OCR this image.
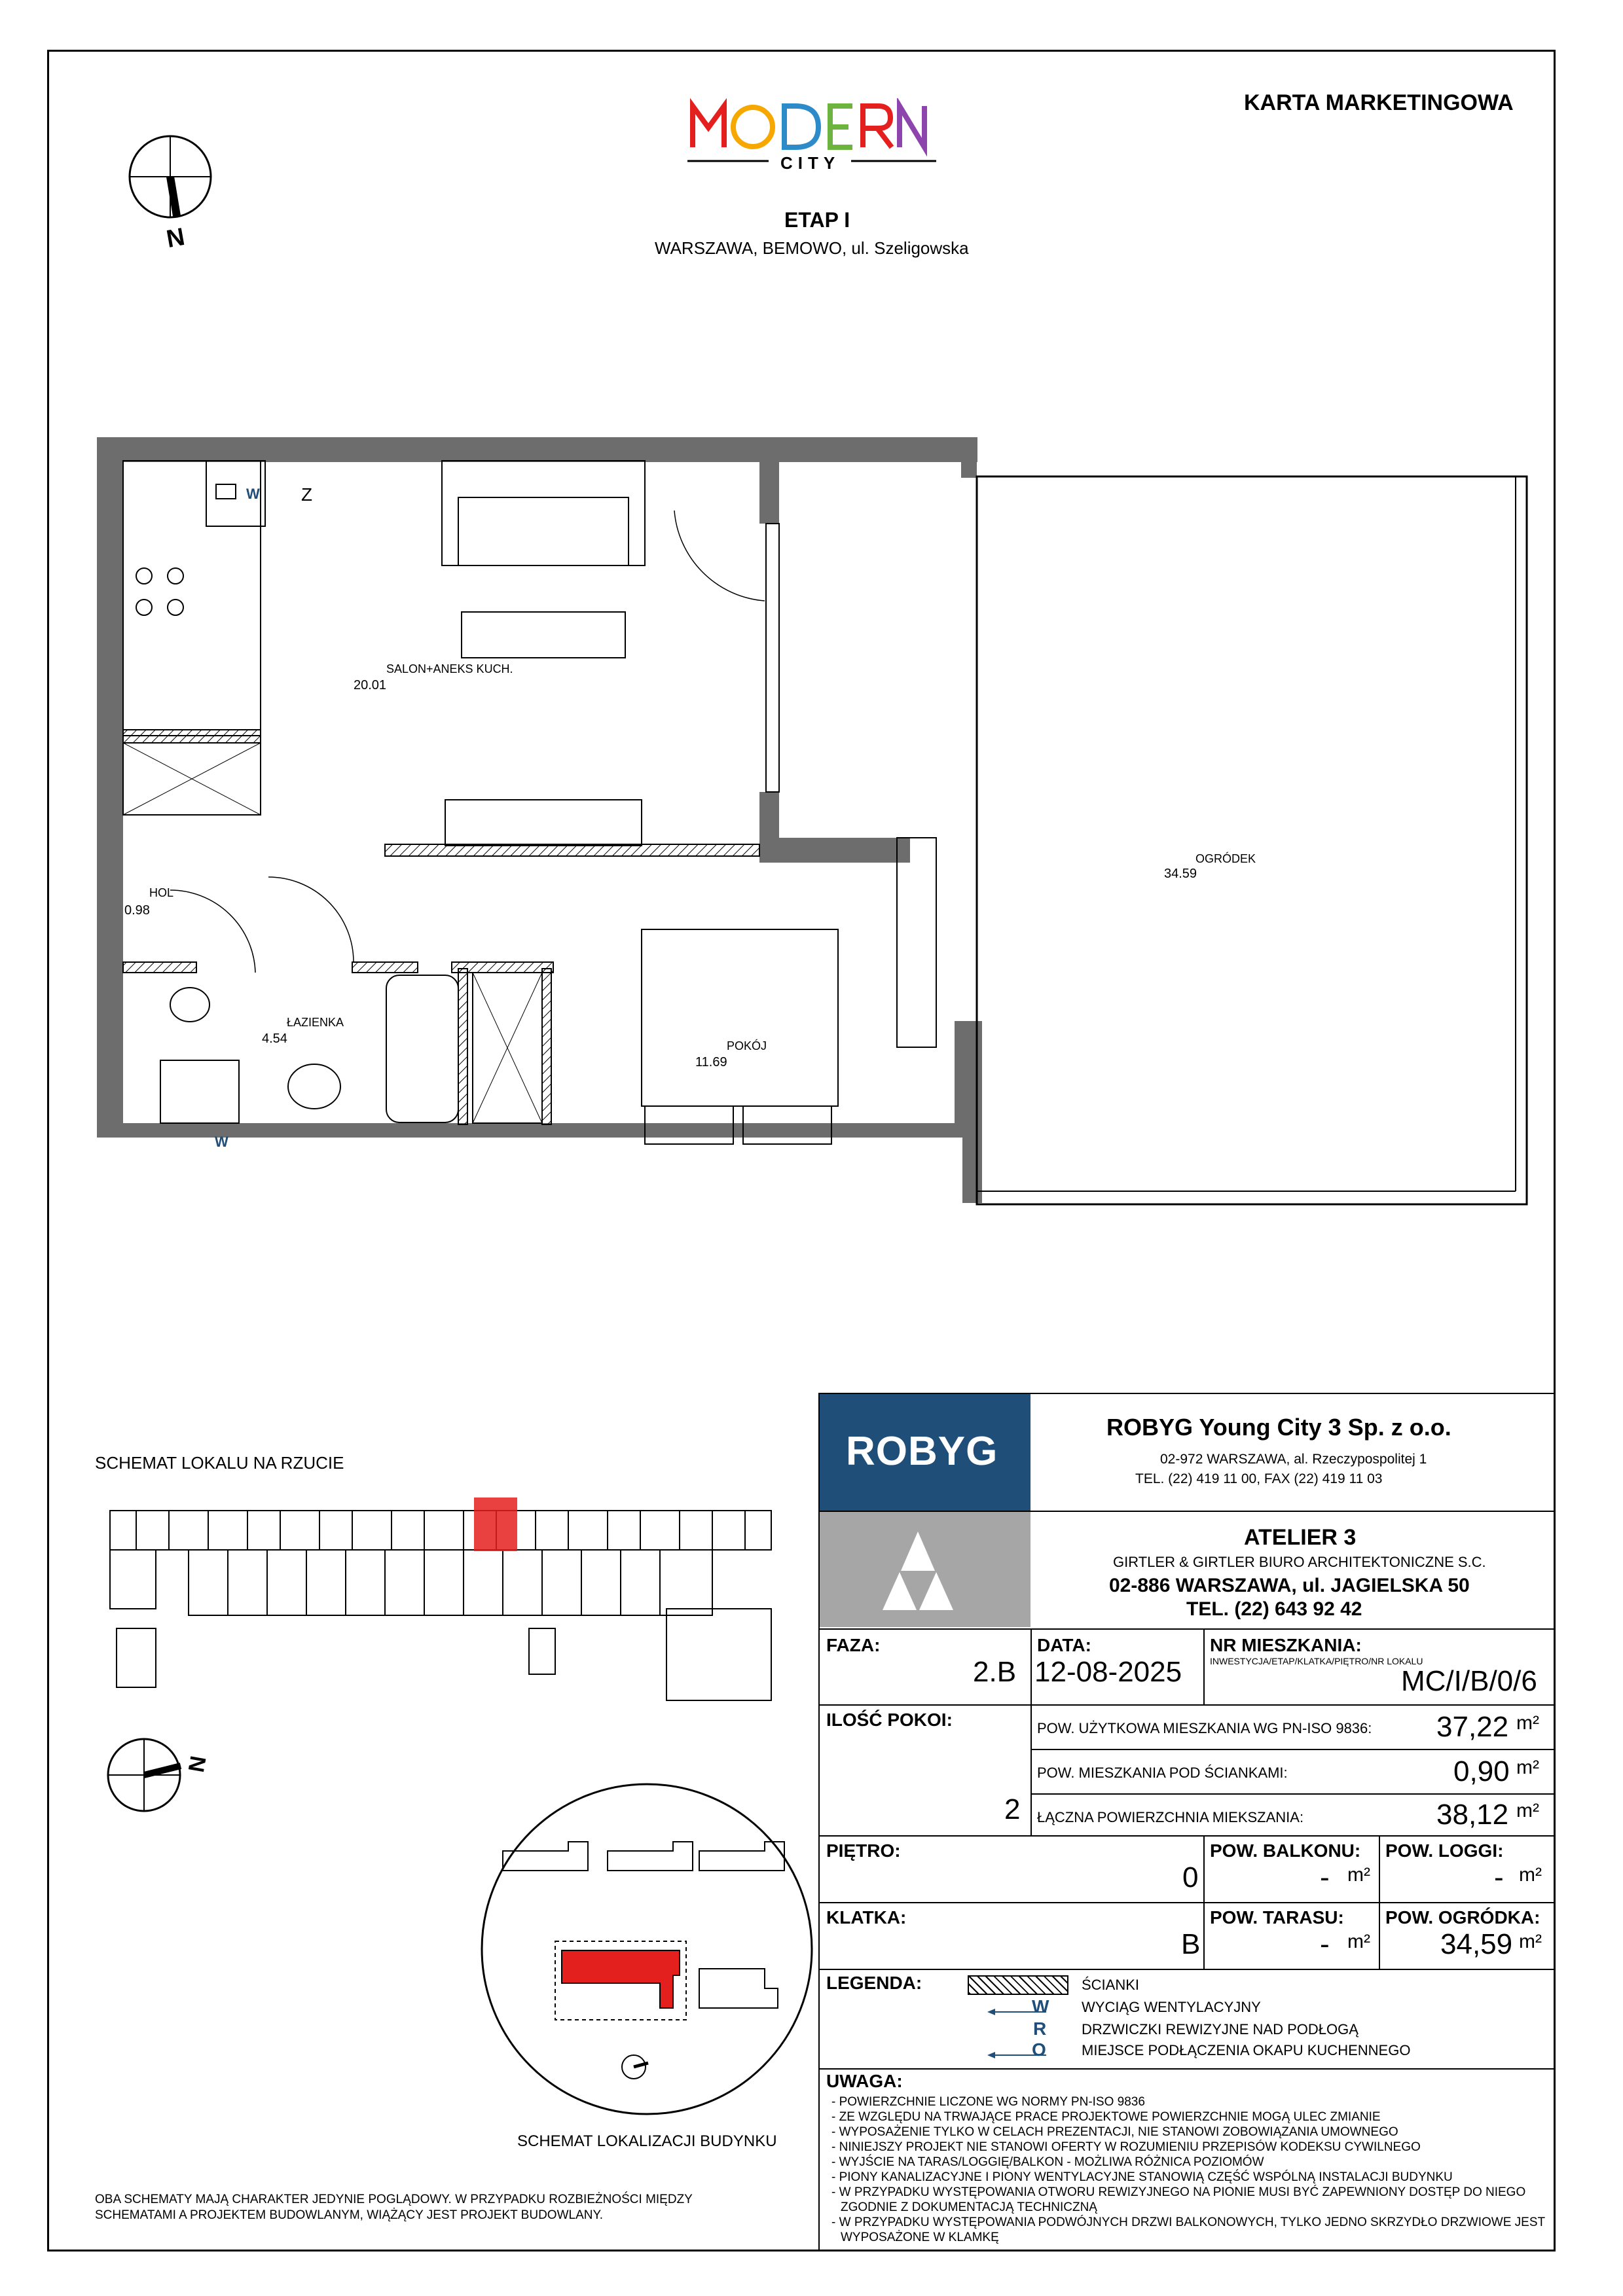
KARTA MARKETINGOWA
CITY
ETAP I
WARSZAWA, BEMOWO, ul. Szeligowska
N
Z
SALON+ANEKS KUCH.
20.01
HOL
0.98
ŁAZIENKA
4.54	POKÓJ
11.69
OGRÓDEK
34.59
W
W
SCHEMAT LOKALU NA RZUCIE
N
SCHEMAT LOKALIZACJI BUDYNKU
OBA SCHEMATY MAJĄ CHARAKTER JEDYNIE POGLĄDOWY. W PRZYPADKU ROZBIEŻNOŚCI MIĘDZY
SCHEMATAMI A PROJEKTEM BUDOWLANYM, WIĄŻĄCY JEST PROJEKT BUDOWLANY.
ROBYG
ROBYG Young City 3 Sp. z o.o.
02-972 WARSZAWA, al. Rzeczypospolitej 1
TEL. (22) 419 11 00, FAX (22) 419 11 03
ATELIER 3
GIRTLER & GIRTLER BIURO ARCHITEKTONICZNE S.C.
02-886 WARSZAWA, ul. JAGIELSKA 50
TEL. (22) 643 92 42
FAZA:
2.B
DATA:
12-08-2025
NR MIESZKANIA:
INWESTYCJA/ETAP/KLATKA/PIĘTRO/NR LOKALU
MC/I/B/0/6
ILOŚĆ POKOI:
2
POW. UŻYTKOWA MIESZKANIA WG PN-ISO 9836: 37,22 m²
POW. MIESZKANIA POD ŚCIANKAMI:	0,90 m²
ŁĄCZNA POWIERZCHNIA MIEKSZANIA:	38,12 m²
PIĘTRO:
0
POW. BALKONU:
- m²
POW. LOGGI:
- m²
KLATKA:
B
POW. TARASU:
- m²
POW. OGRÓDKA:
34,59 m²
LEGENDA:	ŚCIANKI
W WYCIĄG WENTYLACYJNY
R DRZWICZKI REWIZYJNE NAD PODŁOGĄ
O MIEJSCE PODŁĄCZENIA OKAPU KUCHENNEGO
UWAGA:
- POWIERZCHNIE LICZONE WG NORMY PN-ISO 9836
- ZE WZGLĘDU NA TRWAJĄCE PRACE PROJEKTOWE POWIERZCHNIE MOGĄ ULEC ZMIANIE
- WYPOSAŻENIE TYLKO W CELACH PREZENTACJI, NIE STANOWI ZOBOWIĄZANIA UMOWNEGO
- NINIEJSZY PROJEKT NIE STANOWI OFERTY W ROZUMIENIU PRZEPISÓW KODEKSU CYWILNEGO
- WYJŚCIE NA TARAS/LOGGIĘ/BALKON - MOŻLIWA RÓŻNICA POZIOMÓW
- PIONY KANALIZACYJNE I PIONY WENTYLACYJNE STANOWIĄ CZĘŚĆ WSPÓLNĄ INSTALACJI BUDYNKU
- W PRZYPADKU WYSTĘPOWANIA OTWORU REWIZYJNEGO NA PIONIE MUSI BYĆ ZAPEWNIONY DOSTĘP DO NIEGO
ZGODNIE Z DOKUMENTACJĄ TECHNICZNĄ
- W PRZYPADKU WYSTĘPOWANIA PODWÓJNYCH DRZWI BALKONOWYCH, TYLKO JEDNO SKRZYDŁO DRZWIOWE JEST
WYPOSAŻONE W KLAMKĘ
